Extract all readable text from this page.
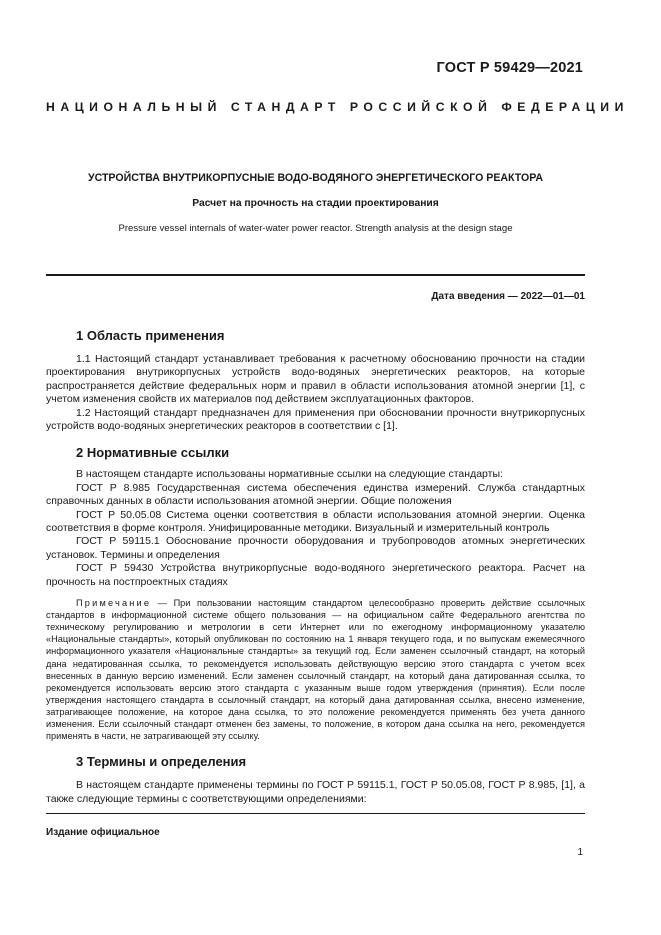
ГОСТ Р 59429—2021
НАЦИОНАЛЬНЫЙ СТАНДАРТ РОССИЙСКОЙ ФЕДЕРАЦИИ
УСТРОЙСТВА ВНУТРИКОРПУСНЫЕ ВОДО-ВОДЯНОГО ЭНЕРГЕТИЧЕСКОГО РЕАКТОРА
Расчет на прочность на стадии проектирования
Pressure vessel internals of water-water power reactor. Strength analysis at the design stage
Дата введения — 2022—01—01
1 Область применения

1.1 Настоящий стандарт устанавливает требования к расчетному обоснованию прочности на стадии проектирования внутрикорпусных устройств водо-водяных энергетических реакторов, на которые распространяется действие федеральных норм и правил в области использования атомной энергии [1], с учетом изменения свойств их материалов под действием эксплуатационных факторов.

1.2 Настоящий стандарт предназначен для применения при обосновании прочности внутрикорпусных устройств водо-водяных энергетических реакторов в соответствии с [1].

2 Нормативные ссылки

В настоящем стандарте использованы нормативные ссылки на следующие стандарты:

ГОСТ Р 8.985 Государственная система обеспечения единства измерений. Служба стандартных справочных данных в области использования атомной энергии. Общие положения

ГОСТ Р 50.05.08 Система оценки соответствия в области использования атомной энергии. Оценка соответствия в форме контроля. Унифицированные методики. Визуальный и измерительный контроль

ГОСТ Р 59115.1 Обоснование прочности оборудования и трубопроводов атомных энергетических установок. Термины и определения

ГОСТ Р 59430 Устройства внутрикорпусные водо-водяного энергетического реактора. Расчет на прочность на постпроектных стадиях

Примечание — При пользовании настоящим стандартом целесообразно проверить действие ссылочных стандартов в информационной системе общего пользования — на официальном сайте Федерального агентства по техническому регулированию и метрологии в сети Интернет или по ежегодному информационному указателю «Национальные стандарты», который опубликован по состоянию на 1 января текущего года, и по выпускам ежемесячного информационного указателя «Национальные стандарты» за текущий год. Если заменен ссылочный стандарт, на который дана недатированная ссылка, то рекомендуется использовать действующую версию этого стандарта с учетом всех внесенных в данную версию изменений. Если заменен ссылочный стандарт, на который дана датированная ссылка, то рекомендуется использовать версию этого стандарта с указанным выше годом утверждения (принятия). Если после утверждения настоящего стандарта в ссылочный стандарт, на который дана датированная ссылка, внесено изменение, затрагивающее положение, на которое дана ссылка, то это положение рекомендуется применять без учета данного изменения. Если ссылочный стандарт отменен без замены, то положение, в котором дана ссылка на него, рекомендуется применять в части, не затрагивающей эту ссылку.
3 Термины и определения

В настоящем стандарте применены термины по ГОСТ Р 59115.1, ГОСТ Р 50.05.08, ГОСТ Р 8.985, [1], а также следующие термины с соответствующими определениями:

Издание официальное
1
